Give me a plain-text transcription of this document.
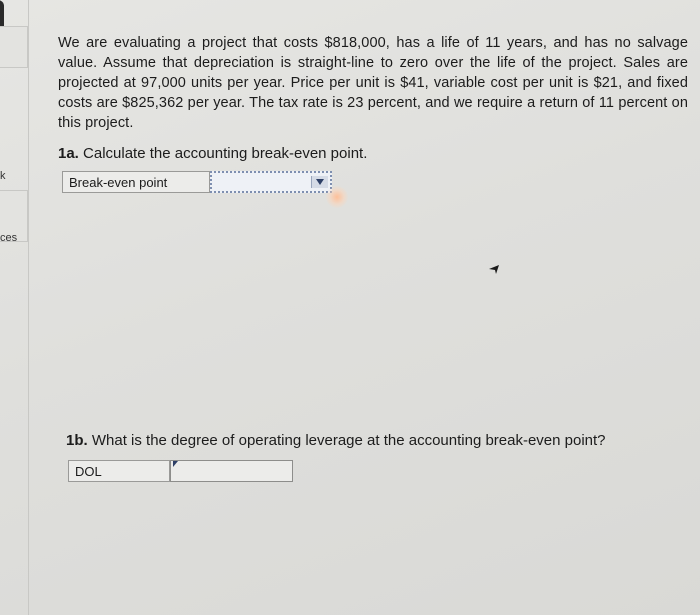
k
ces
We are evaluating a project that costs $818,000, has a life of 11 years, and has no salvage value. Assume that depreciation is straight-line to zero over the life of the project. Sales are projected at 97,000 units per year. Price per unit is $41, variable cost per unit is $21, and fixed costs are $825,362 per year. The tax rate is 23 percent, and we require a return of 11 percent on this project.
1a. Calculate the accounting break-even point.
Break-even point
1b. What is the degree of operating leverage at the accounting break-even point?
DOL
